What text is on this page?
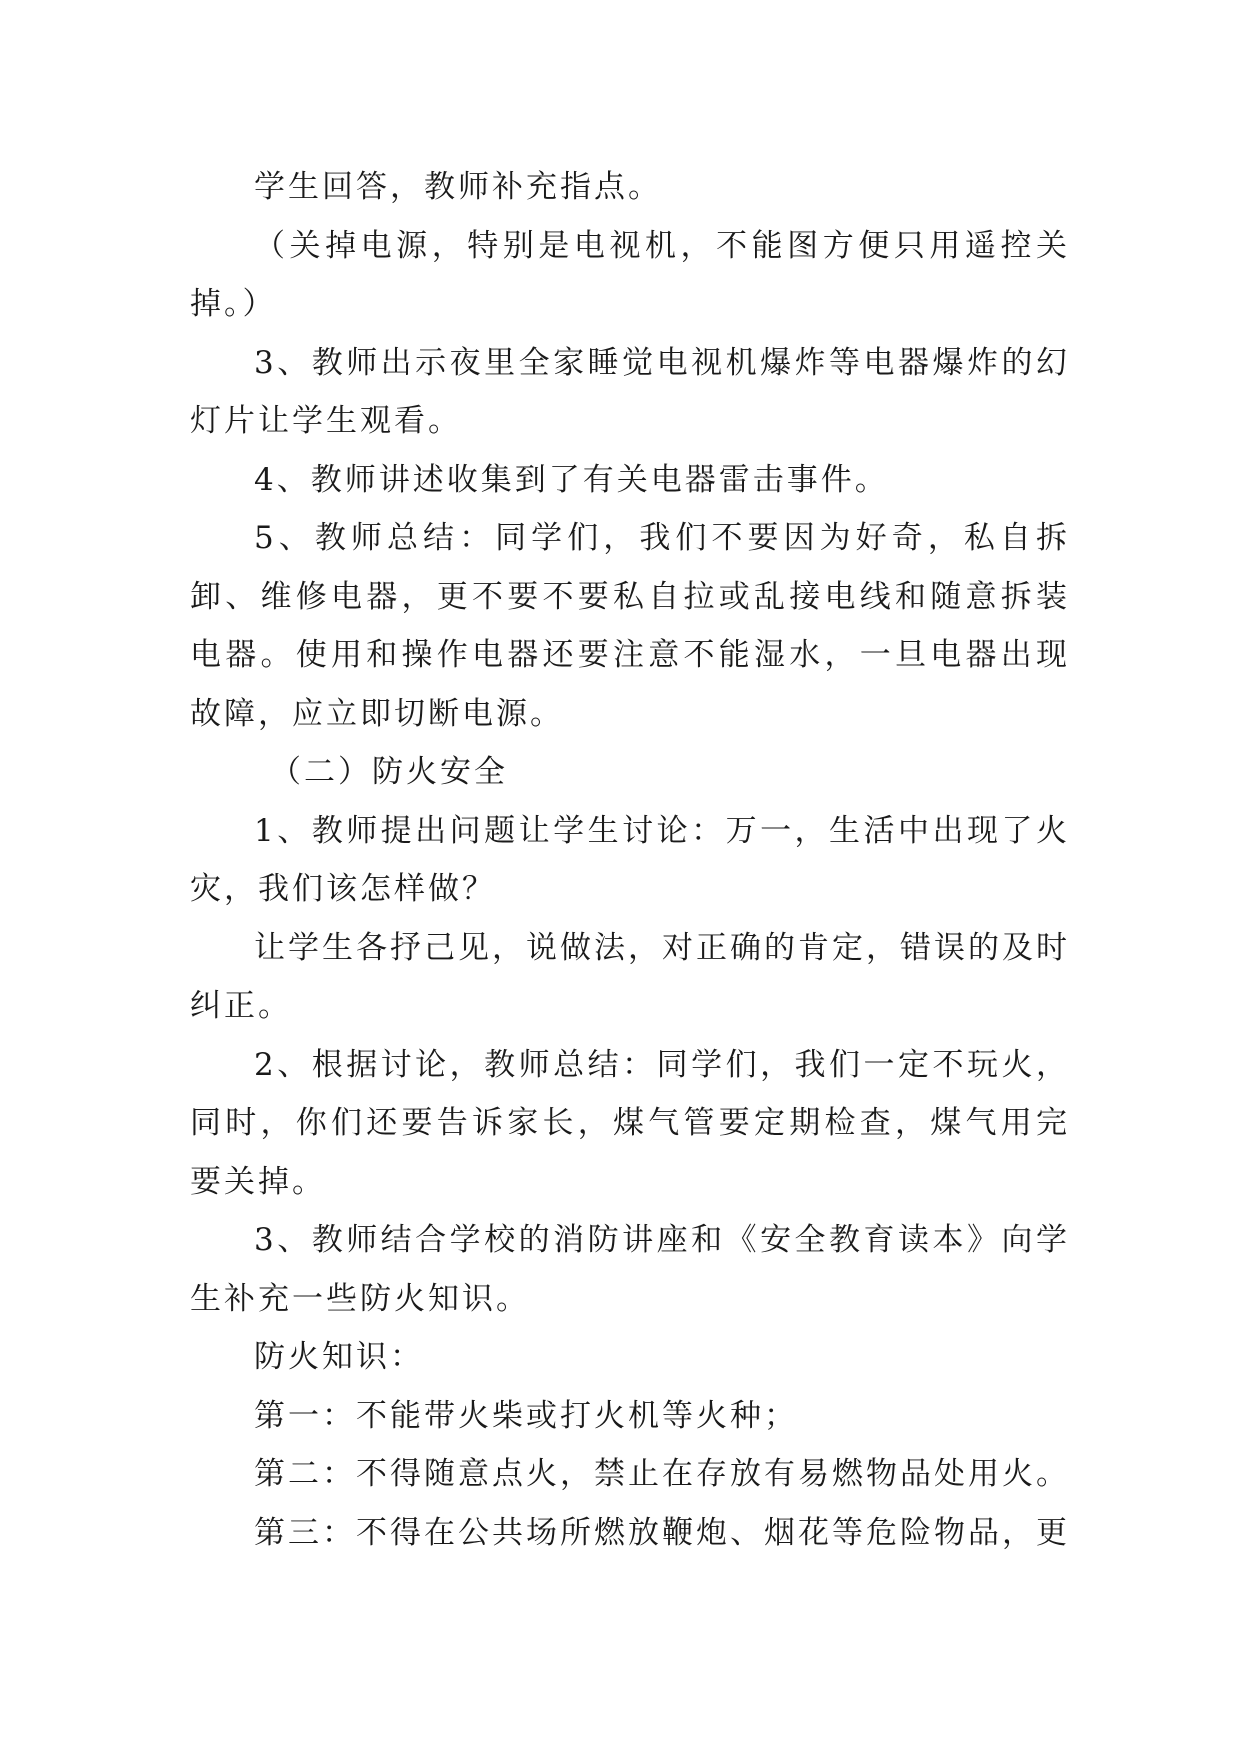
学生回答，教师补充指点。

（关掉电源，特别是电视机，不能图方便只用遥控关掉。）

3、教师出示夜里全家睡觉电视机爆炸等电器爆炸的幻灯片让学生观看。

4、教师讲述收集到了有关电器雷击事件。

5、教师总结：同学们，我们不要因为好奇，私自拆卸、维修电器，更不要不要私自拉或乱接电线和随意拆装电器。使用和操作电器还要注意不能湿水，一旦电器出现故障，应立即切断电源。

（二）防火安全

1、教师提出问题让学生讨论：万一，生活中出现了火灾，我们该怎样做？

让学生各抒己见，说做法，对正确的肯定，错误的及时纠正。

2、根据讨论，教师总结：同学们，我们一定不玩火，同时，你们还要告诉家长，煤气管要定期检查，煤气用完要关掉。

3、教师结合学校的消防讲座和《安全教育读本》向学生补充一些防火知识。

防火知识：

第一：不能带火柴或打火机等火种；

第二：不得随意点火，禁止在存放有易燃物品处用火。

第三：不得在公共场所燃放鞭炮、烟花等危险物品，更
